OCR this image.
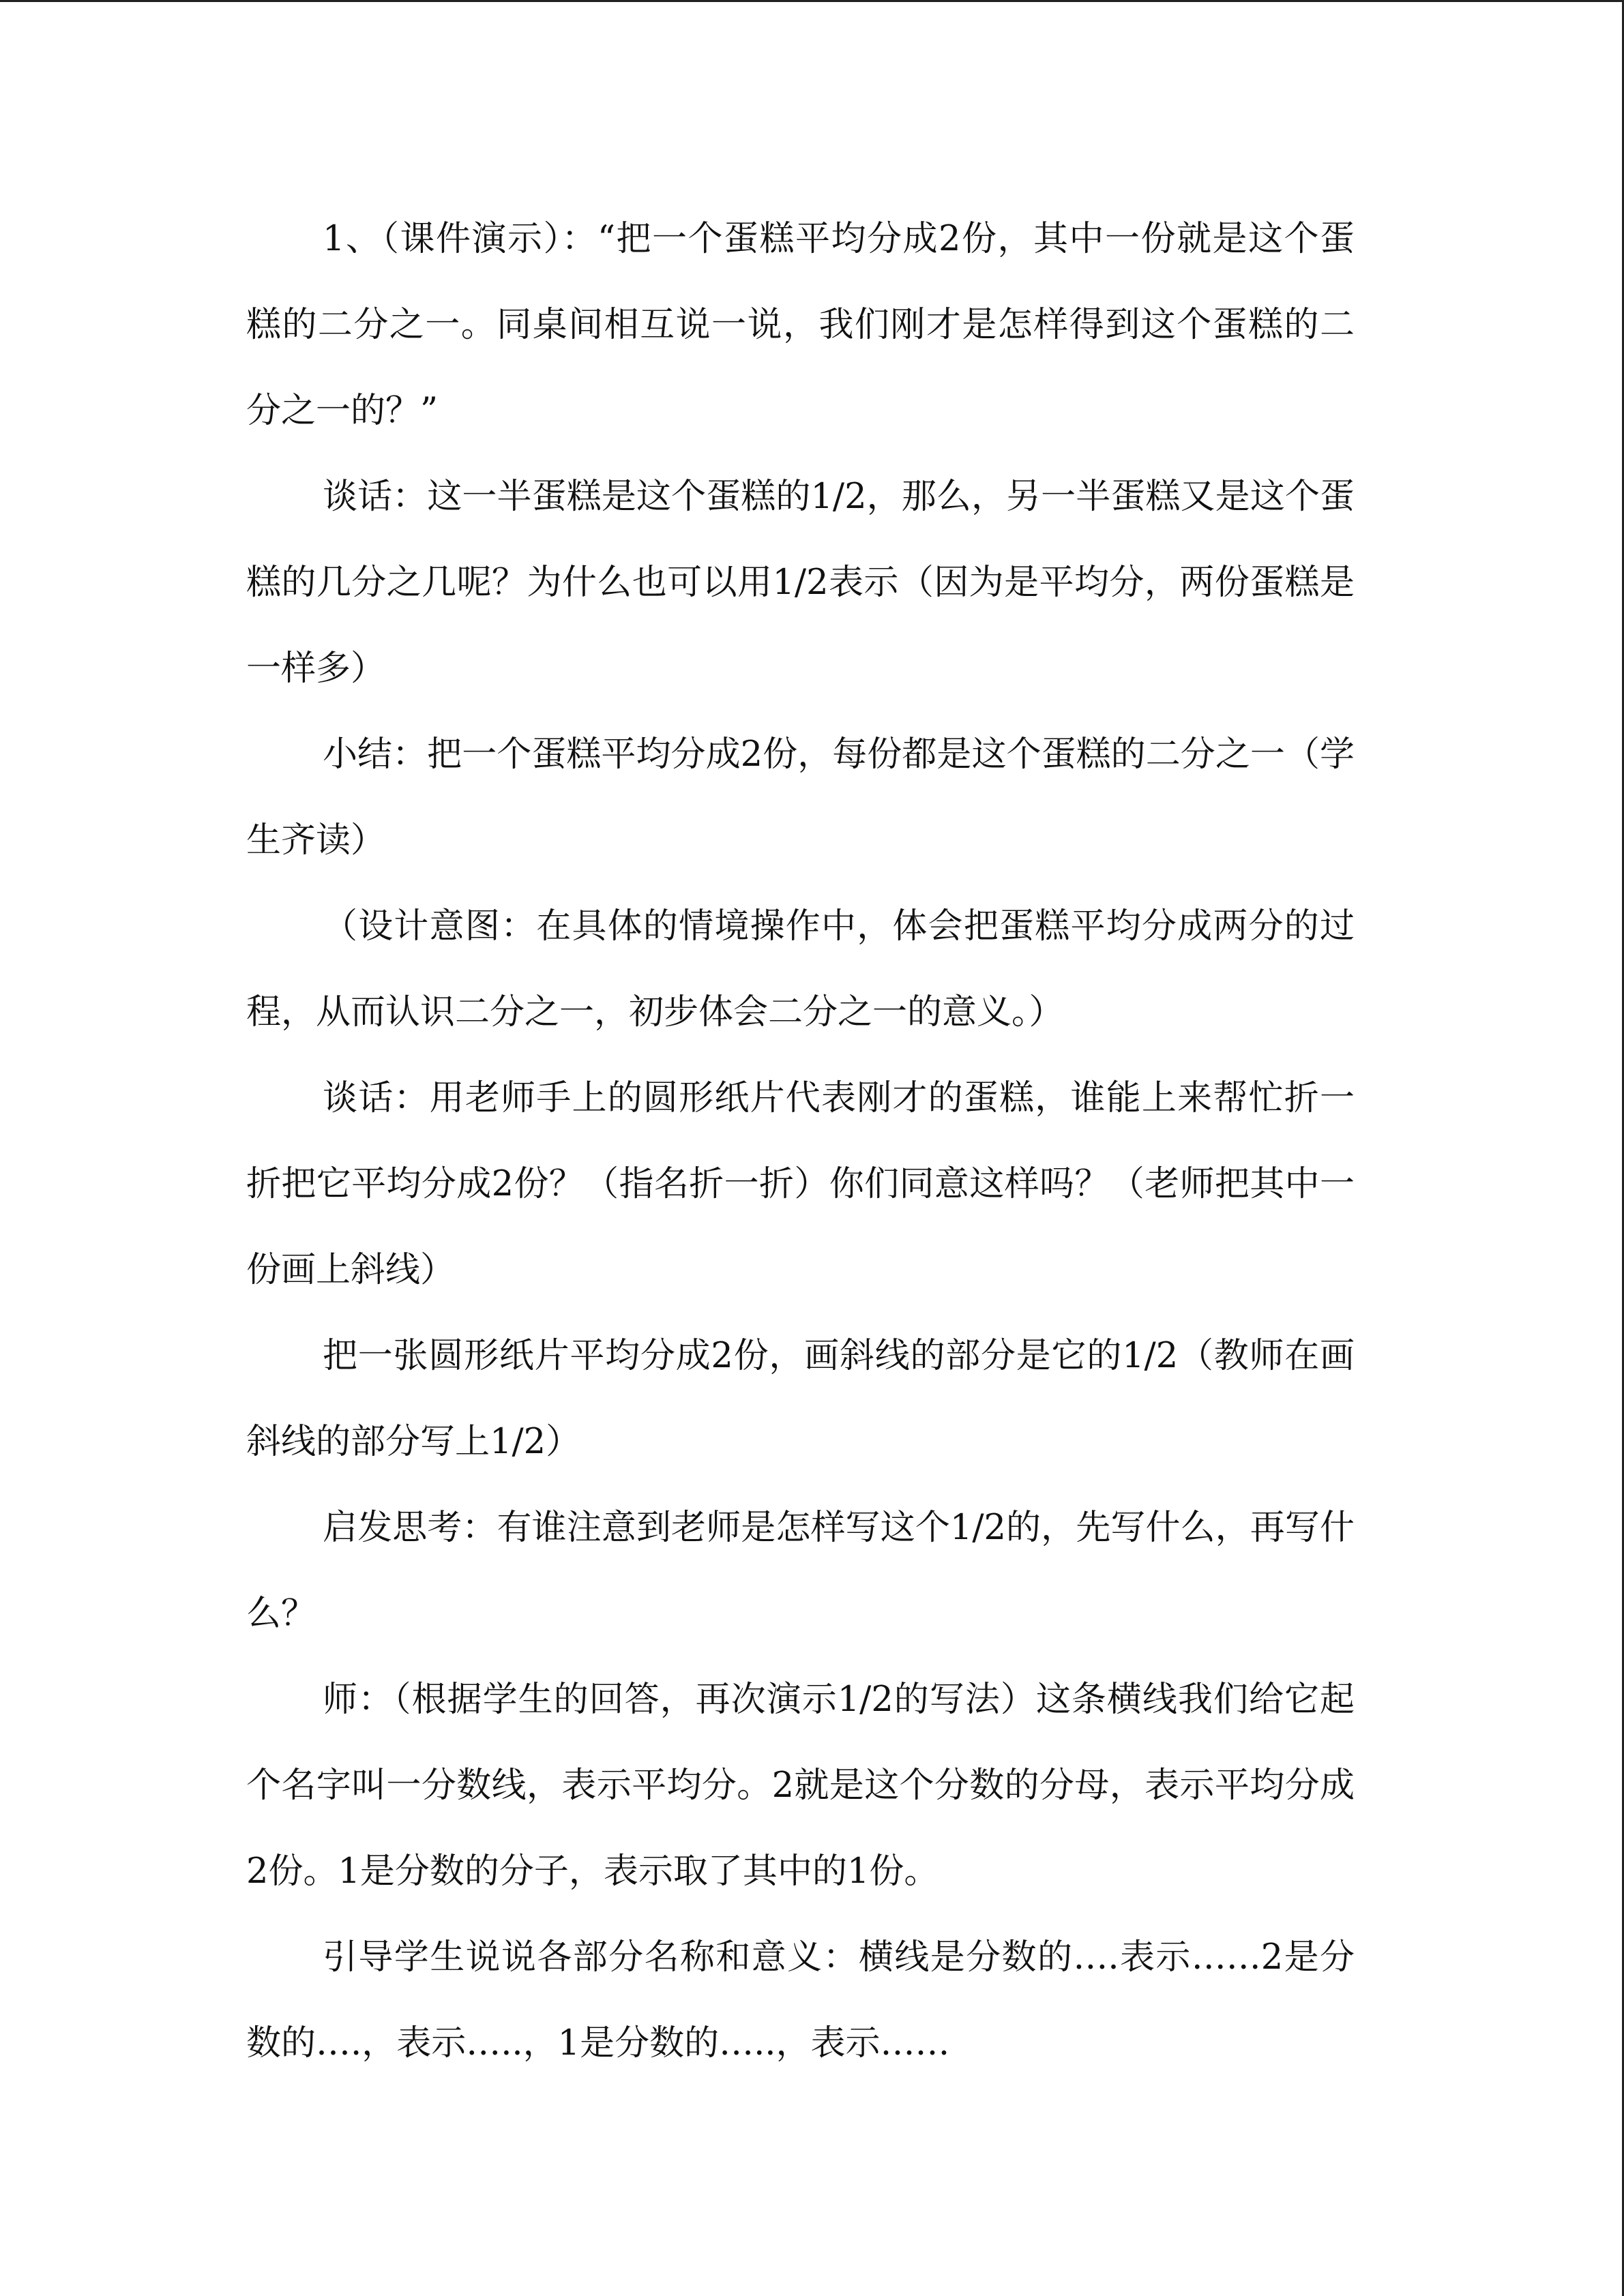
1、（课件演示）：“把一个蛋糕平均分成2份，其中一份就是这个蛋糕的二分之一。同桌间相互说一说，我们刚才是怎样得到这个蛋糕的二分之一的？”

谈话：这一半蛋糕是这个蛋糕的1/2，那么，另一半蛋糕又是这个蛋糕的几分之几呢？为什么也可以用1/2表示（因为是平均分，两份蛋糕是一样多）

小结：把一个蛋糕平均分成2份，每份都是这个蛋糕的二分之一（学生齐读）

（设计意图：在具体的情境操作中，体会把蛋糕平均分成两分的过程，从而认识二分之一，初步体会二分之一的意义。）

谈话：用老师手上的圆形纸片代表刚才的蛋糕，谁能上来帮忙折一折把它平均分成2份？（指名折一折）你们同意这样吗？（老师把其中一份画上斜线）

把一张圆形纸片平均分成2份，画斜线的部分是它的1/2（教师在画斜线的部分写上1/2）

启发思考：有谁注意到老师是怎样写这个1/2的，先写什么，再写什么？

师：（根据学生的回答，再次演示1/2的写法）这条横线我们给它起个名字叫一分数线，表示平均分。2就是这个分数的分母，表示平均分成2份。1是分数的分子，表示取了其中的1份。

引导学生说说各部分名称和意义：横线是分数的….表示……2是分数的….，表示…..，1是分数的…..，表示……
